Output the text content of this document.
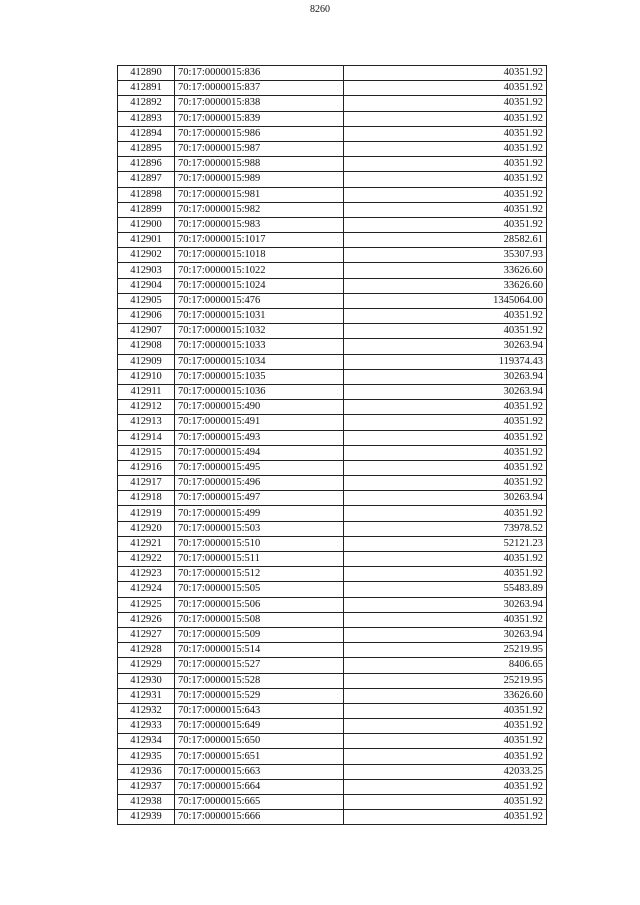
8260
412890	70:17:0000015:836	40351.92
412891	70:17:0000015:837	40351.92
412892	70:17:0000015:838	40351.92
412893	70:17:0000015:839	40351.92
412894	70:17:0000015:986	40351.92
412895	70:17:0000015:987	40351.92
412896	70:17:0000015:988	40351.92
412897	70:17:0000015:989	40351.92
412898	70:17:0000015:981	40351.92
412899	70:17:0000015:982	40351.92
412900	70:17:0000015:983	40351.92
412901	70:17:0000015:1017	28582.61
412902	70:17:0000015:1018	35307.93
412903	70:17:0000015:1022	33626.60
412904	70:17:0000015:1024	33626.60
412905	70:17:0000015:476	1345064.00
412906	70:17:0000015:1031	40351.92
412907	70:17:0000015:1032	40351.92
412908	70:17:0000015:1033	30263.94
412909	70:17:0000015:1034	119374.43
412910	70:17:0000015:1035	30263.94
412911	70:17:0000015:1036	30263.94
412912	70:17:0000015:490	40351.92
412913	70:17:0000015:491	40351.92
412914	70:17:0000015:493	40351.92
412915	70:17:0000015:494	40351.92
412916	70:17:0000015:495	40351.92
412917	70:17:0000015:496	40351.92
412918	70:17:0000015:497	30263.94
412919	70:17:0000015:499	40351.92
412920	70:17:0000015:503	73978.52
412921	70:17:0000015:510	52121.23
412922	70:17:0000015:511	40351.92
412923	70:17:0000015:512	40351.92
412924	70:17:0000015:505	55483.89
412925	70:17:0000015:506	30263.94
412926	70:17:0000015:508	40351.92
412927	70:17:0000015:509	30263.94
412928	70:17:0000015:514	25219.95
412929	70:17:0000015:527	8406.65
412930	70:17:0000015:528	25219.95
412931	70:17:0000015:529	33626.60
412932	70:17:0000015:643	40351.92
412933	70:17:0000015:649	40351.92
412934	70:17:0000015:650	40351.92
412935	70:17:0000015:651	40351.92
412936	70:17:0000015:663	42033.25
412937	70:17:0000015:664	40351.92
412938	70:17:0000015:665	40351.92
412939	70:17:0000015:666	40351.92
